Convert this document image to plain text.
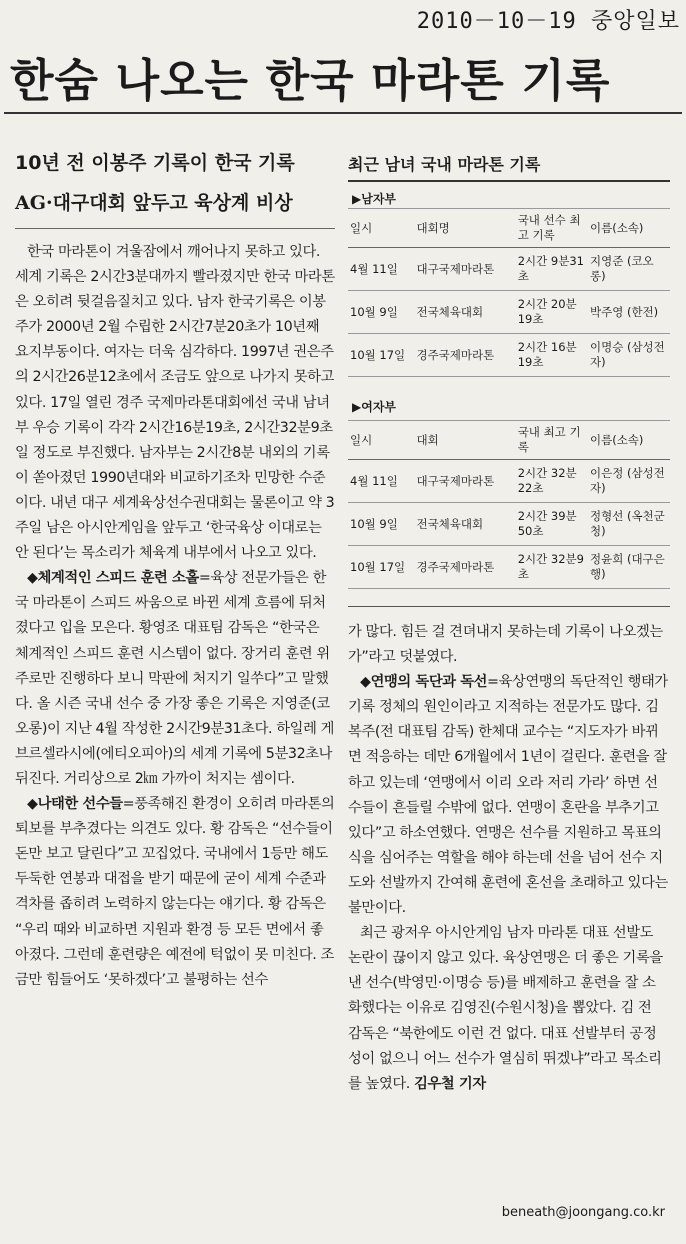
2010－10－19 중앙일보
한숨 나오는 한국 마라톤 기록
10년 전 이봉주 기록이 한국 기록
AG·대구대회 앞두고 육상계 비상

한국 마라톤이 겨울잠에서 깨어나지 못하고 있다. 세계 기록은 2시간3분대까지 빨라졌지만 한국 마라톤은 오히려 뒷걸음질치고 있다. 남자 한국기록은 이봉주가 2000년 2월 수립한 2시간7분20초가 10년째 요지부동이다. 여자는 더욱 심각하다. 1997년 권은주의 2시간26분12초에서 조금도 앞으로 나가지 못하고 있다. 17일 열린 경주 국제마라톤대회에선 국내 남녀부 우승 기록이 각각 2시간16분19초, 2시간32분9초일 정도로 부진했다. 남자부는 2시간8분 내외의 기록이 쏟아졌던 1990년대와 비교하기조차 민망한 수준이다. 내년 대구 세계육상선수권대회는 물론이고 약 3주일 남은 아시안게임을 앞두고 ‘한국육상 이대로는 안 된다’는 목소리가 체육계 내부에서 나오고 있다.

◆체계적인 스피드 훈련 소홀=육상 전문가들은 한국 마라톤이 스피드 싸움으로 바뀐 세계 흐름에 뒤처졌다고 입을 모은다. 황영조 대표팀 감독은 “한국은 체계적인 스피드 훈련 시스템이 없다. 장거리 훈련 위주로만 진행하다 보니 막판에 처지기 일쑤다”고 말했다. 올 시즌 국내 선수 중 가장 좋은 기록은 지영준(코오롱)이 지난 4월 작성한 2시간9분31초다. 하일레 게브르셀라시에(에티오피아)의 세계 기록에 5분32초나 뒤진다. 거리상으로 2㎞ 가까이 처지는 셈이다.

◆나태한 선수들=풍족해진 환경이 오히려 마라톤의 퇴보를 부추겼다는 의견도 있다. 황 감독은 “선수들이 돈만 보고 달린다”고 꼬집었다. 국내에서 1등만 해도 두둑한 연봉과 대접을 받기 때문에 굳이 세계 수준과 격차를 좁히려 노력하지 않는다는 얘기다. 황 감독은 “우리 때와 비교하면 지원과 환경 등 모든 면에서 좋아졌다. 그런데 훈련량은 예전에 턱없이 못 미친다. 조금만 힘들어도 ‘못하겠다’고 불평하는 선수

최근 남녀 국내 마라톤 기록
▶남자부
일시	대회명	국내 선수 최고 기록	이름(소속)
4월 11일	대구국제마라톤	2시간 9분31초	지영준 (코오롱)
10월 9일	전국체육대회	2시간 20분19초	박주영 (한전)
10월 17일	경주국제마라톤	2시간 16분19초	이명승 (삼성전자)
▶여자부
일시	대회	국내 최고 기록	이름(소속)
4월 11일	대구국제마라톤	2시간 32분22초	이은정 (삼성전자)
10월 9일	전국체육대회	2시간 39분50초	정형선 (옥천군청)
10월 17일	경주국제마라톤	2시간 32분9초	정윤희 (대구은행)

가 많다. 힘든 걸 견뎌내지 못하는데 기록이 나오겠는가”라고 덧붙였다.

◆연맹의 독단과 독선=육상연맹의 독단적인 행태가 기록 정체의 원인이라고 지적하는 전문가도 많다. 김복주(전 대표팀 감독) 한체대 교수는 “지도자가 바뀌면 적응하는 데만 6개월에서 1년이 걸린다. 훈련을 잘하고 있는데 ‘연맹에서 이리 오라 저리 가라’ 하면 선수들이 흔들릴 수밖에 없다. 연맹이 혼란을 부추기고 있다”고 하소연했다. 연맹은 선수를 지원하고 목표의식을 심어주는 역할을 해야 하는데 선을 넘어 선수 지도와 선발까지 간여해 훈련에 혼선을 초래하고 있다는 불만이다.

최근 광저우 아시안게임 남자 마라톤 대표 선발도 논란이 끊이지 않고 있다. 육상연맹은 더 좋은 기록을 낸 선수(박영민·이명승 등)를 배제하고 훈련을 잘 소화했다는 이유로 김영진(수원시청)을 뽑았다. 김 전 감독은 “북한에도 이런 건 없다. 대표 선발부터 공정성이 없으니 어느 선수가 열심히 뛰겠냐”라고 목소리를 높였다. 김우철 기자

beneath@joongang.co.kr
